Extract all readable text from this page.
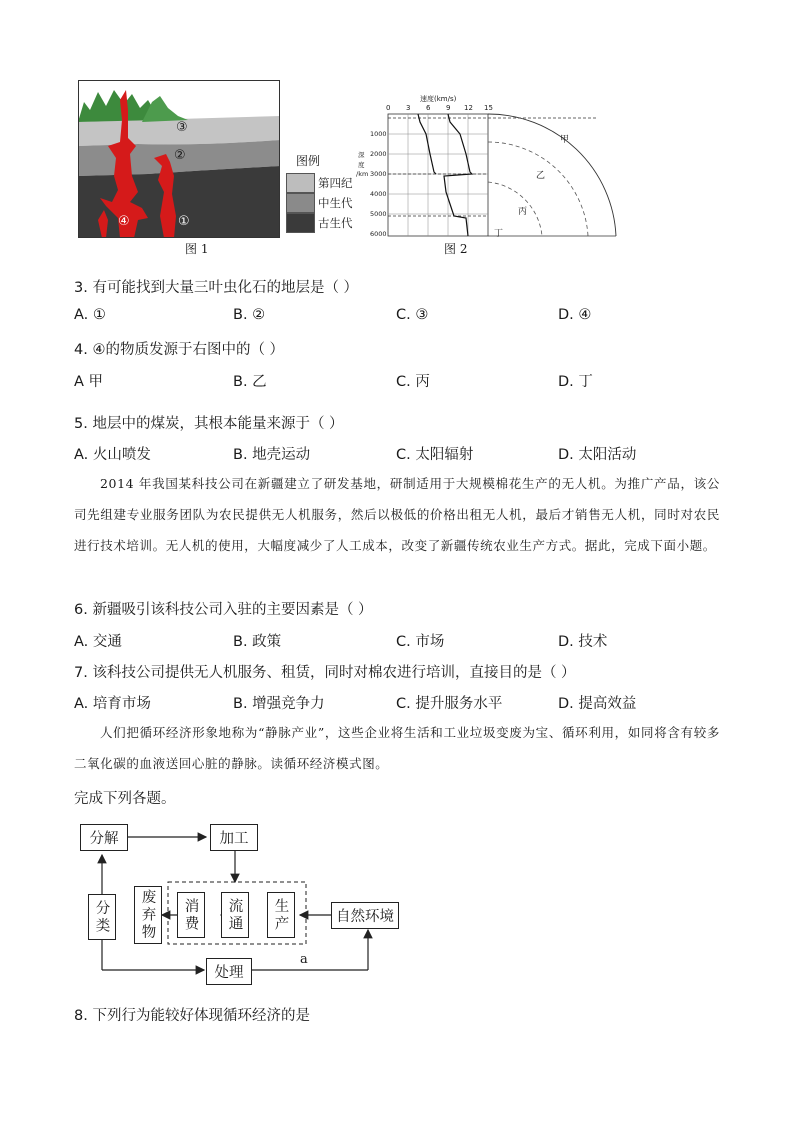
③
②
④	①
图例
第四纪
中生代
古生代
图 1
速度(km/s)
0 3 6 9 12 15
1000
2000
3000
4000
5000
6000
深
度
/km
甲
乙
丙
丁
图 2
3. 有可能找到大量三叶虫化石的地层是（ ）
A. ①	B. ②	C. ③	D. ④
4. ④的物质发源于右图中的（ ）
A 甲	B. 乙	C. 丙	D. 丁
5. 地层中的煤炭，其根本能量来源于（ ）
A. 火山喷发	B. 地壳运动	C. 太阳辐射	D. 太阳活动
2014 年我国某科技公司在新疆建立了研发基地，研制适用于大规模棉花生产的无人机。为推广产品，该公司先组建专业服务团队为农民提供无人机服务，然后以极低的价格出租无人机，最后才销售无人机，同时对农民进行技术培训。无人机的使用，大幅度减少了人工成本，改变了新疆传统农业生产方式。据此，完成下面小题。
6. 新疆吸引该科技公司入驻的主要因素是（ ）
A. 交通	B. 政策	C. 市场	D. 技术
7. 该科技公司提供无人机服务、租赁，同时对棉农进行培训，直接目的是（ ）
A. 培育市场	B. 增强竞争力	C. 提升服务水平	D. 提高效益
人们把循环经济形象地称为“静脉产业”，这些企业将生活和工业垃圾变废为宝、循环利用，如同将含有较多二氧化碳的血液送回心脏的静脉。读循环经济模式图。
完成下列各题。
分解	加工
分类	废弃物	消费	流通	生产	自然环境
处理
a
8. 下列行为能较好体现循环经济的是
